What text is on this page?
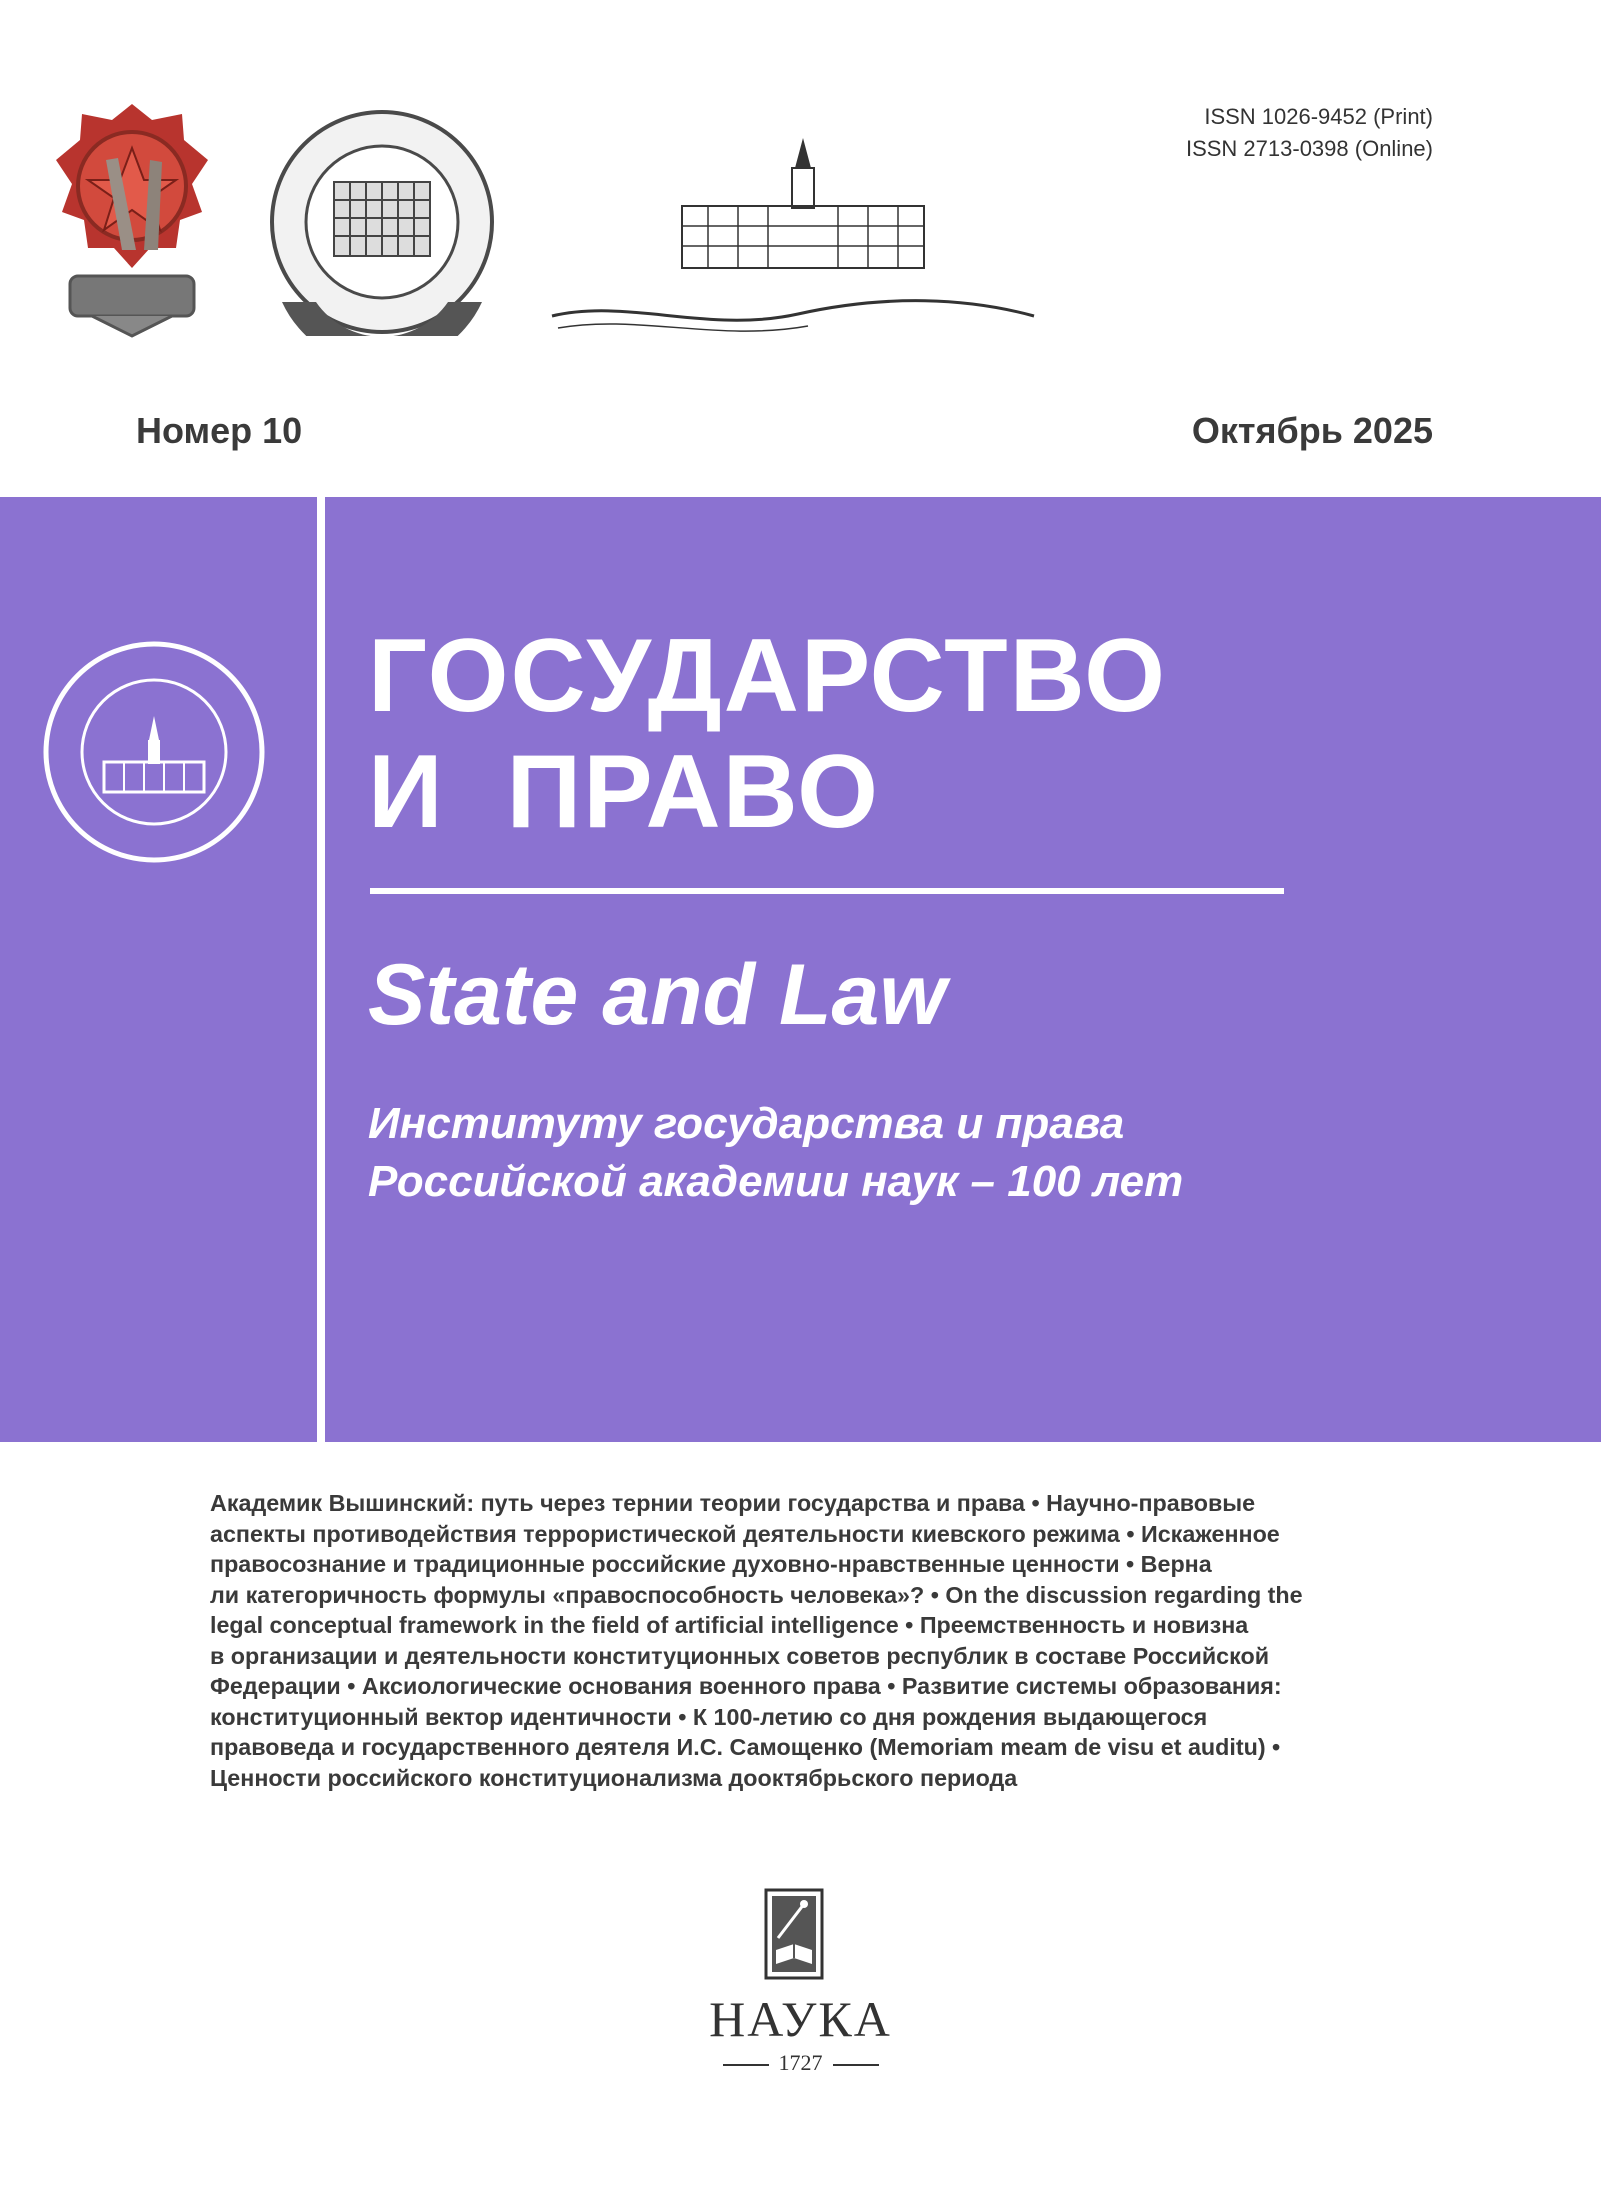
ISSN 1026-9452 (Print)
ISSN 2713-0398 (Online)
Номер 10	Октябрь 2025
ГОСУДАРСТВО
И  ПРАВО
State and Law
Институту государства и права
Российской академии наук – 100 лет
Академик Вышинский: путь через тернии теории государства и права • Научно-правовые
аспекты противодействия террористической деятельности киевского режима • Искаженное
правосознание и традиционные российские духовно-нравственные ценности • Верна
ли категоричность формулы «правоспособность человека»? • On the discussion regarding the
legal conceptual framework in the field of artificial intelligence • Преемственность и новизна
в организации и деятельности конституционных советов республик в составе Российской
Федерации • Аксиологические основания военного права • Развитие системы образования:
конституционный вектор идентичности • К 100-летию со дня рождения выдающегося
правоведа и государственного деятеля И.С. Самощенко (Memoriam meam de visu et auditu) •
Ценности российского конституционализма дооктябрьского периода
НАУКА
1727
